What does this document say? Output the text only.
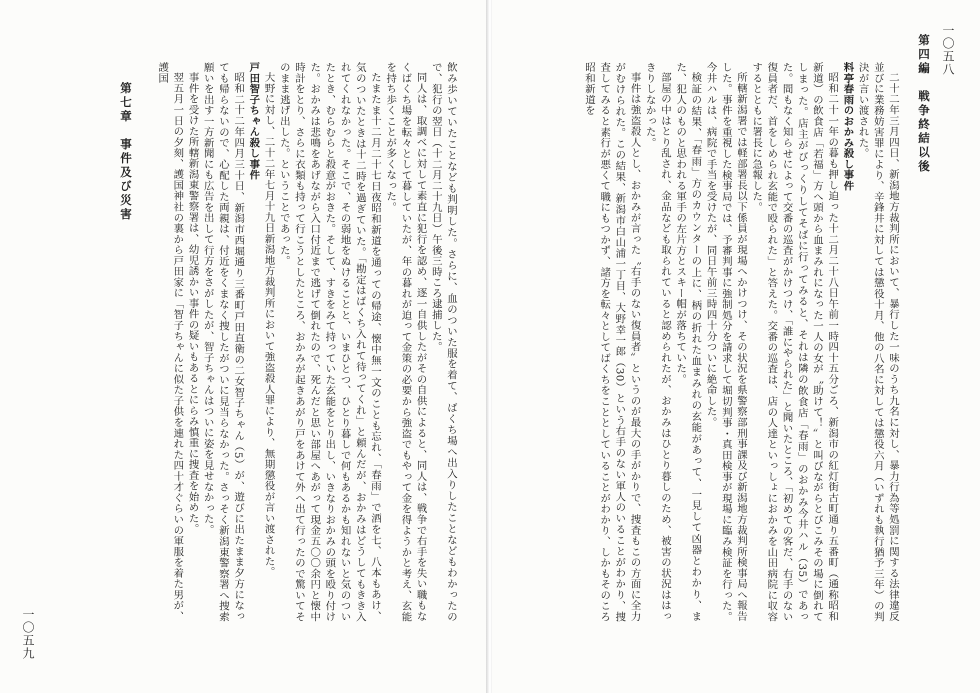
一〇五九
第七章　事件及び災害	飲み歩いていたことなども判明した。さらに、血のついた服を着て、ばくち場へ出入りしたことなどもわかったので、犯行の翌日（十二月二十九日）午後三時ころ逮捕した。

同人は、取調べに対して素直に犯行を認め、逐一自供したがその自供によると、同人は、戦争で右手を失い職もなくばくち場を転々として暮していたが、年の暮れが迫って金策の必要から強盗でもやって金を得ようかと考え、玄能を持ち歩くことが多くなった。

たまたま十二月二十七日夜昭和新道を通っての帰途、懐中無一文のことも忘れ、「春雨」で酒を七、八本もあけ、気のついたときは十二時を過ぎていた。「勘定はばくち入れて待ってくれ」と頼んだが、おかみはどうしてもきき入れてくれなかった。そこで、その弱地をぬけることと、いまひとつ、ひとり暮しで何もあるかも知れないと気のついたとき、むらむらと殺意がおきた。そして、すきをみて持っていた玄能をとり出し、いきなりおかみの頭を殴り付けた。おかみは悲鳴をあげながら入口付近まで逃げて倒れたので、死んだと思い部屋へあがって現金五〇〇余円と懐中時計をとり、さらに衣類も持って行こうとしたところ、おかみが起きあがり戸をあけて外へ出て行ったので驚いてそのまま逃げ出した。ということであった。

大野に対し、二十二年七月十九日新潟地方裁判所において強盗殺人罪により、無期懲役が言い渡された。

戸田智子ちゃん殺し事件

昭和二十二年四月三十日、新潟市西堀通り三番町戸田直衛の二女智子ちゃん（5）が、遊びに出たまま夕方になっても帰らないので、心配した両親は、付近をくまなく捜したがついに見当らなかった。さっそく新潟東警察署へ捜索願いを出す一方新聞にも広告を出して行方をさがしたが、智子ちゃんはついに姿を見せなかった。

事件を受けた所轄新潟東警察署は、幼児誘かい事件の疑いもあるとにらみ慎重に捜査を始めた。

翌五月一日の夕刻、護国神社の裏から戸田家に「智子ちゃんに似た子供を連れた四十才ぐらいの軍服を着た男が、護国	一〇五八
第四編　戦争終結以後

二十二年三月四日、新潟地方裁判所において、暴行した一味のうち九名に対し、暴力行為等処罰に関する法律違反並びに業務妨害罪により、辛鋒井に対しては懲役十月、他の八名に対しては懲役六月（いずれも執行猶予三年）の判決が言い渡された。

料亭春雨のおかみ殺し事件

昭和二十一年の暮も押し迫った十二月二十八日午前一時四十五分ごろ、新潟市の紅灯街古町通り五番町（通称昭和新道）の飲食店「若福」方へ頭から血まみれになった一人の女が〝助けて！〟と叫びながらとびこみその場に倒れてしまった。店主がびっくりしてそばに行ってみると、それは隣の飲食店「春雨」のおかみ今井ハル（35）であった。間もなく知らせによって交番の巡査がかけつけ、「誰にやられた」と聞いたところ、「初めての客だ、右手のない復員者だ、首をしめられ玄能で殴られた」と答えた。交番の巡査は、店の人達といっしょにおかみを山田病院に収容するとともに署長に急報した。

所轄新潟署では軽部署長以下係員が現場へかけつけ、その状況を県警察部刑事課及び新潟地方裁判所検事局へ報告した。事件を重視した検事局では、予審判事に強制処分を請求して堀切判事・真田検事が現場に臨み検証を行った。今井ハルは、病院で手当を受けたが、同日午前三時四十分ついに絶命した。

検証の結果、「春雨」方のカウンターの上に、柄の折れた血まみれの玄能があって、一見して凶器とわかり、また、犯人のものと思われる軍手の左片方とスキー帽が落ちていた。

部屋の中はとり乱され、金品なども取られていると認められたが、おかみはひとり暮しのため、被害の状況ははっきりしなかった。

事件は強盗殺人とし、おかみが言った〝右手のない復員者〟というのが最大の手がかりで、捜査もこの方面に全力がむけられた。この結果、新潟市白山浦一丁目、大野幸一郎（30）という右手のない軍人のいることがわかり、捜査してみると素行が悪くて職にもつかず、諸方を転々としてばくちをこととしていることがわかり、しかもそのころ昭和新道を
